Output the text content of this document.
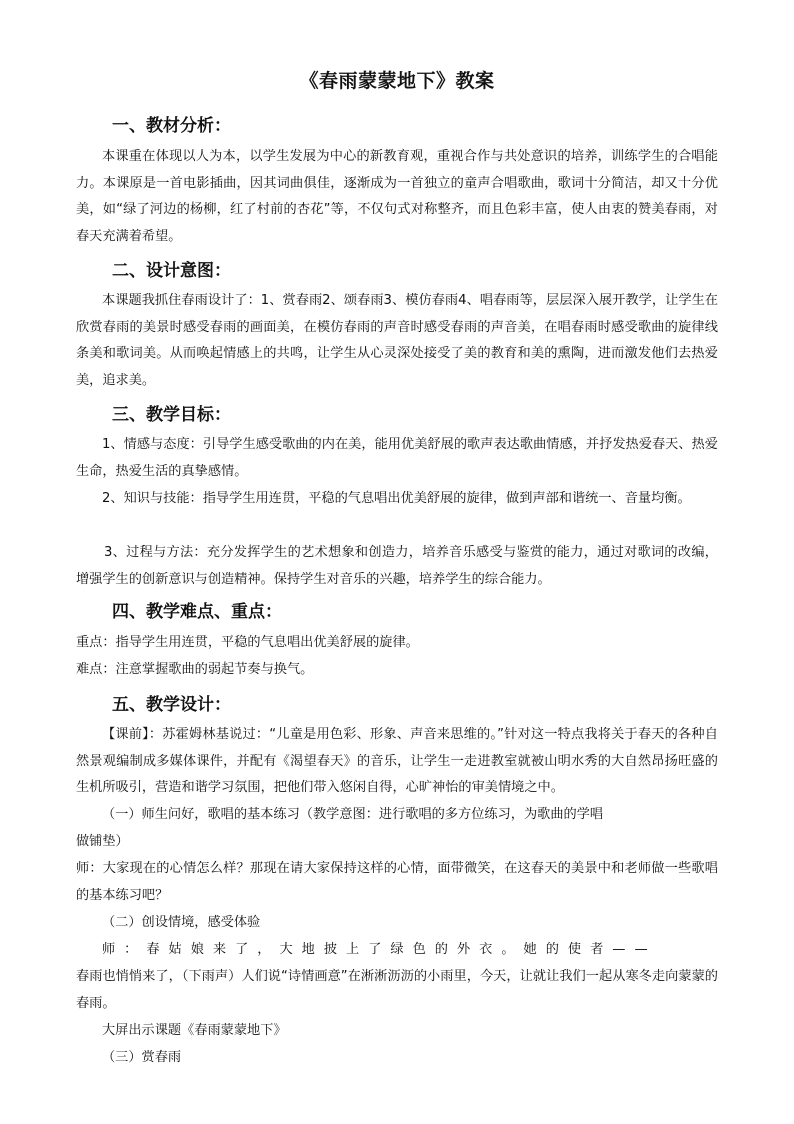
《春雨蒙蒙地下》教案
一、教材分析：

本课重在体现以人为本，以学生发展为中心的新教育观，重视合作与共处意识的培养，训练学生的合唱能力。本课原是一首电影插曲，因其词曲俱佳，逐渐成为一首独立的童声合唱歌曲，歌词十分简洁，却又十分优美，如“绿了河边的杨柳，红了村前的杏花”等，不仅句式对称整齐，而且色彩丰富，使人由衷的赞美春雨，对春天充满着希望。

二、设计意图：

本课题我抓住春雨设计了：1、赏春雨2、颂春雨3、模仿春雨4、唱春雨等，层层深入展开教学，让学生在欣赏春雨的美景时感受春雨的画面美，在模仿春雨的声音时感受春雨的声音美，在唱春雨时感受歌曲的旋律线条美和歌词美。从而唤起情感上的共鸣，让学生从心灵深处接受了美的教育和美的熏陶，进而激发他们去热爱美，追求美。

三、教学目标：

1、情感与态度：引导学生感受歌曲的内在美，能用优美舒展的歌声表达歌曲情感，并抒发热爱春天、热爱生命，热爱生活的真挚感情。

2、知识与技能：指导学生用连贯，平稳的气息唱出优美舒展的旋律，做到声部和谐统一、音量均衡。

3、过程与方法：充分发挥学生的艺术想象和创造力，培养音乐感受与鉴赏的能力，通过对歌词的改编，增强学生的创新意识与创造精神。保持学生对音乐的兴趣，培养学生的综合能力。

四、教学难点、重点：

重点：指导学生用连贯，平稳的气息唱出优美舒展的旋律。

难点：注意掌握歌曲的弱起节奏与换气。

五、教学设计：

【课前】：苏霍姆林基说过：“儿童是用色彩、形象、声音来思维的。”针对这一特点我将关于春天的各种自然景观编制成多媒体课件，并配有《渴望春天》的音乐，让学生一走进教室就被山明水秀的大自然昂扬旺盛的生机所吸引，营造和谐学习氛围，把他们带入悠闲自得，心旷神怡的审美情境之中。

（一）师生问好，歌唱的基本练习（教学意图：进行歌唱的多方位练习，为歌曲的学唱

做铺垫）

师：大家现在的心情怎么样？那现在请大家保持这样的心情，面带微笑，在这春天的美景中和老师做一些歌唱的基本练习吧？

（二）创设情境，感受体验

师：春姑娘来了，大地披上了绿色的外衣。她的使者——

春雨也悄悄来了，（下雨声）人们说“诗情画意”在淅淅沥沥的小雨里，今天，让就让我们一起从寒冬走向蒙蒙的春雨。

大屏出示课题《春雨蒙蒙地下》

（三）赏春雨
